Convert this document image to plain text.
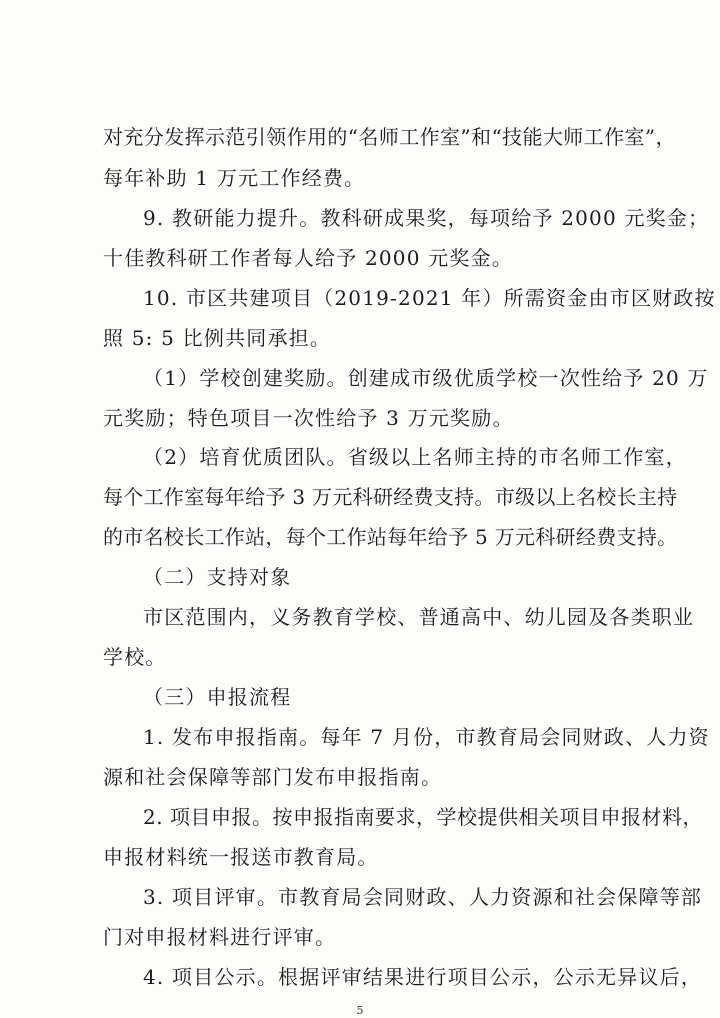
对充分发挥示范引领作用的“名师工作室”和“技能大师工作室”，
每年补助 1 万元工作经费。
9. 教研能力提升。教科研成果奖，每项给予 2000 元奖金；
十佳教科研工作者每人给予 2000 元奖金。
10. 市区共建项目（2019-2021 年）所需资金由市区财政按
照 5: 5 比例共同承担。
（1）学校创建奖励。创建成市级优质学校一次性给予 20 万
元奖励；特色项目一次性给予 3 万元奖励。
（2）培育优质团队。省级以上名师主持的市名师工作室，
每个工作室每年给予 3 万元科研经费支持。市级以上名校长主持
的市名校长工作站，每个工作站每年给予 5 万元科研经费支持。
（二）支持对象
市区范围内，义务教育学校、普通高中、幼儿园及各类职业
学校。
（三）申报流程
1. 发布申报指南。每年 7 月份，市教育局会同财政、人力资
源和社会保障等部门发布申报指南。
2. 项目申报。按申报指南要求，学校提供相关项目申报材料，
申报材料统一报送市教育局。
3. 项目评审。市教育局会同财政、人力资源和社会保障等部
门对申报材料进行评审。
4. 项目公示。根据评审结果进行项目公示，公示无异议后，
5
